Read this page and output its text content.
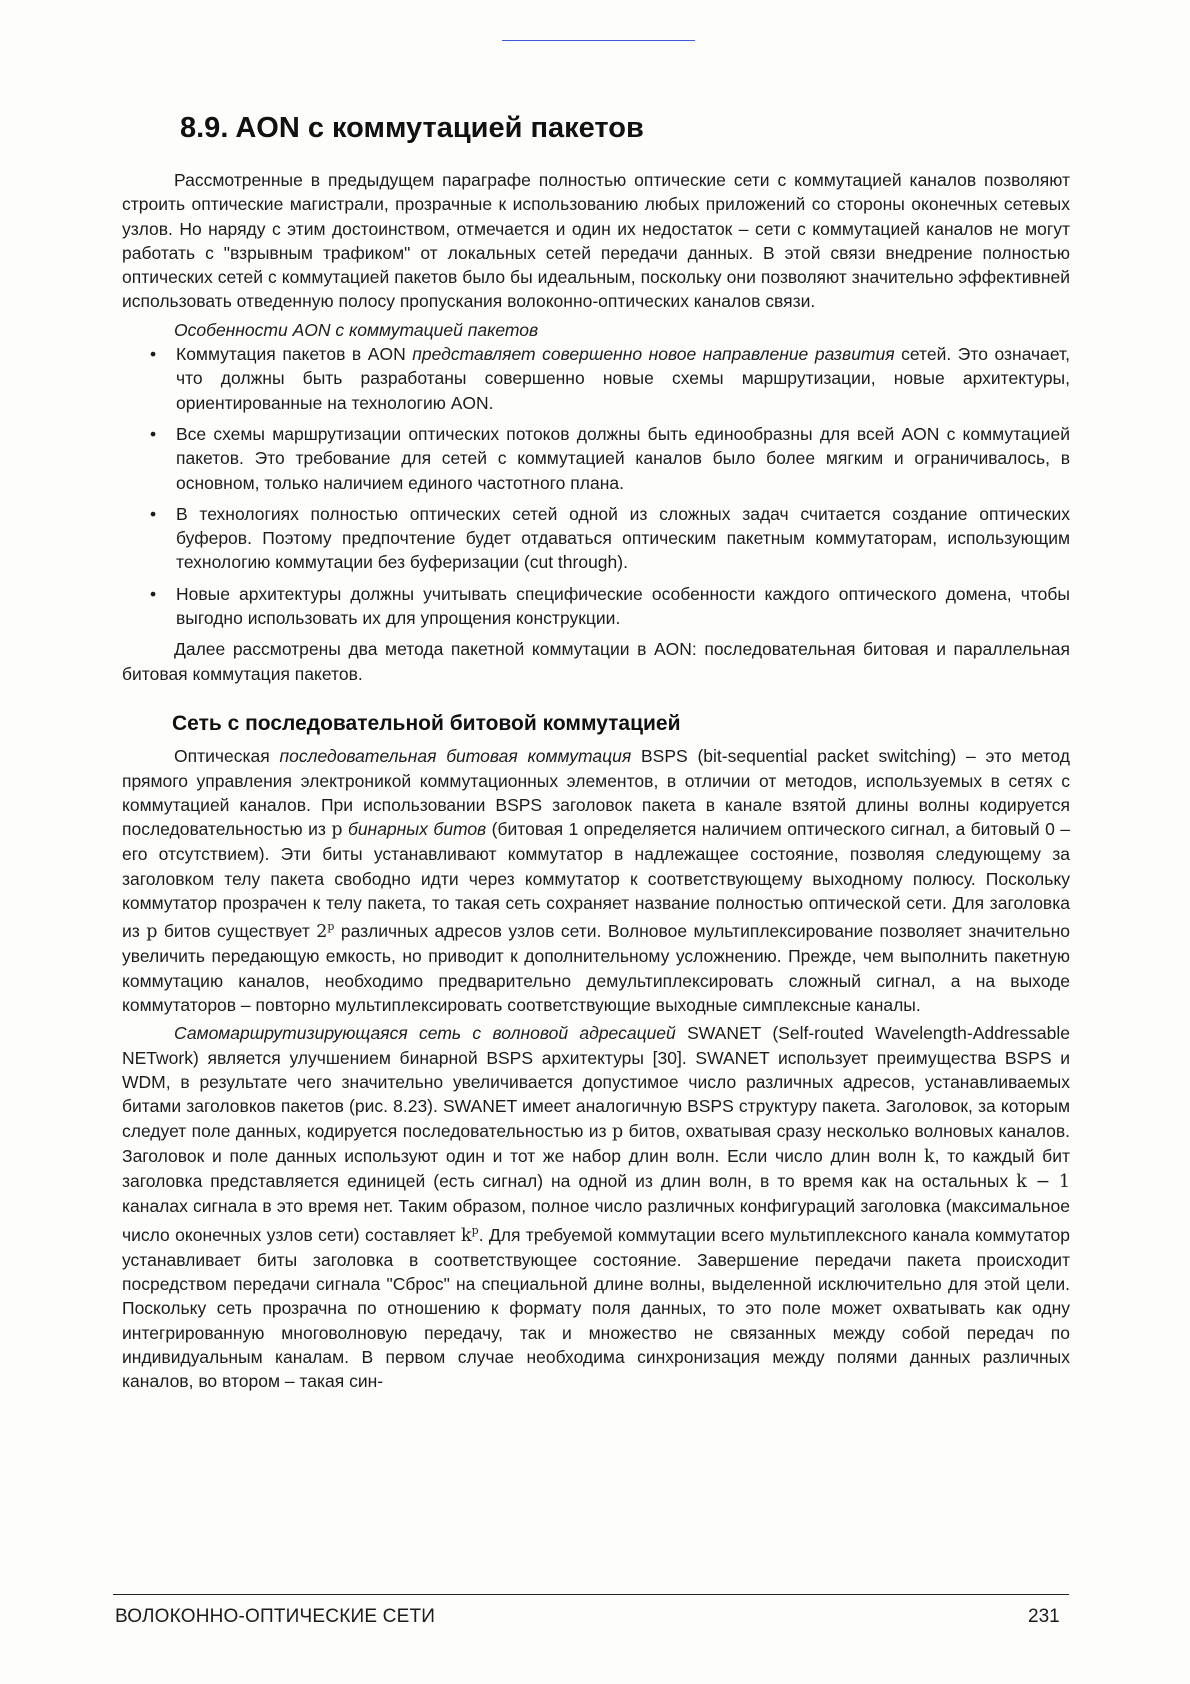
8.9. AON с коммутацией пакетов

Рассмотренные в предыдущем параграфе полностью оптические сети с коммутацией каналов позволяют строить оптические магистрали, прозрачные к использованию любых приложений со стороны оконечных сетевых узлов. Но наряду с этим достоинством, отмечается и один их недостаток – сети с коммутацией каналов не могут работать с "взрывным трафиком" от локальных сетей передачи данных. В этой связи внедрение полностью оптических сетей с коммутацией пакетов было бы идеальным, поскольку они позволяют значительно эффективней использовать отведенную полосу пропускания волоконно-оптических каналов связи.

Особенности AON с коммутацией пакетов

• Коммутация пакетов в AON представляет совершенно новое направление развития сетей. Это означает, что должны быть разработаны совершенно новые схемы маршрутизации, новые архитектуры, ориентированные на технологию AON.
• Все схемы маршрутизации оптических потоков должны быть единообразны для всей AON с коммутацией пакетов. Это требование для сетей с коммутацией каналов было более мягким и ограничивалось, в основном, только наличием единого частотного плана.
• В технологиях полностью оптических сетей одной из сложных задач считается создание оптических буферов. Поэтому предпочтение будет отдаваться оптическим пакетным коммутаторам, использующим технологию коммутации без буферизации (cut through).
• Новые архитектуры должны учитывать специфические особенности каждого оптического домена, чтобы выгодно использовать их для упрощения конструкции.

Далее рассмотрены два метода пакетной коммутации в AON: последовательная битовая и параллельная битовая коммутация пакетов.

Сеть с последовательной битовой коммутацией

Оптическая последовательная битовая коммутация BSPS (bit-sequential packet switching) – это метод прямого управления электроникой коммутационных элементов, в отличии от методов, используемых в сетях с коммутацией каналов. При использовании BSPS заголовок пакета в канале взятой длины волны кодируется последовательностью из p бинарных битов (битовая 1 определяется наличием оптического сигнал, а битовый 0 – его отсутствием). Эти биты устанавливают коммутатор в надлежащее состояние, позволяя следующему за заголовком телу пакета свободно идти через коммутатор к соответствующему выходному полюсу. Поскольку коммутатор прозрачен к телу пакета, то такая сеть сохраняет название полностью оптической сети. Для заголовка из p битов существует 2$^p$ различных адресов узлов сети. Волновое мультиплексирование позволяет значительно увеличить передающую емкость, но приводит к дополнительному усложнению. Прежде, чем выполнить пакетную коммутацию каналов, необходимо предварительно демультиплексировать сложный сигнал, а на выходе коммутаторов – повторно мультиплексировать соответствующие выходные симплексные каналы.

Самомаршрутизирующаяся сеть с волновой адресацией SWANET (Self-routed Wavelength-Addressable NETwork) является улучшением бинарной BSPS архитектуры [30]. SWANET использует преимущества BSPS и WDM, в результате чего значительно увеличивается допустимое число различных адресов, устанавливаемых битами заголовков пакетов (рис. 8.23). SWANET имеет аналогичную BSPS структуру пакета. Заголовок, за которым следует поле данных, кодируется последовательностью из p битов, охватывая сразу несколько волновых каналов. Заголовок и поле данных используют один и тот же набор длин волн. Если число длин волн k, то каждый бит заголовка представляется единицей (есть сигнал) на одной из длин волн, в то время как на остальных k − 1 каналах сигнала в это время нет. Таким образом, полное число различных конфигураций заголовка (максимальное число оконечных узлов сети) составляет $k^p$. Для требуемой коммутации всего мультиплексного канала коммутатор устанавливает биты заголовка в соответствующее состояние. Завершение передачи пакета происходит посредством передачи сигнала "Сброс" на специальной длине волны, выделенной исключительно для этой цели. Поскольку сеть прозрачна по отношению к формату поля данных, то это поле может охватывать как одну интегрированную многоволновую передачу, так и множество не связанных между собой передач по индивидуальным каналам. В первом случае необходима синхронизация между полями данных различных каналов, во втором – такая син-

ВОЛОКОННО-ОПТИЧЕСКИЕ СЕТИ	231
